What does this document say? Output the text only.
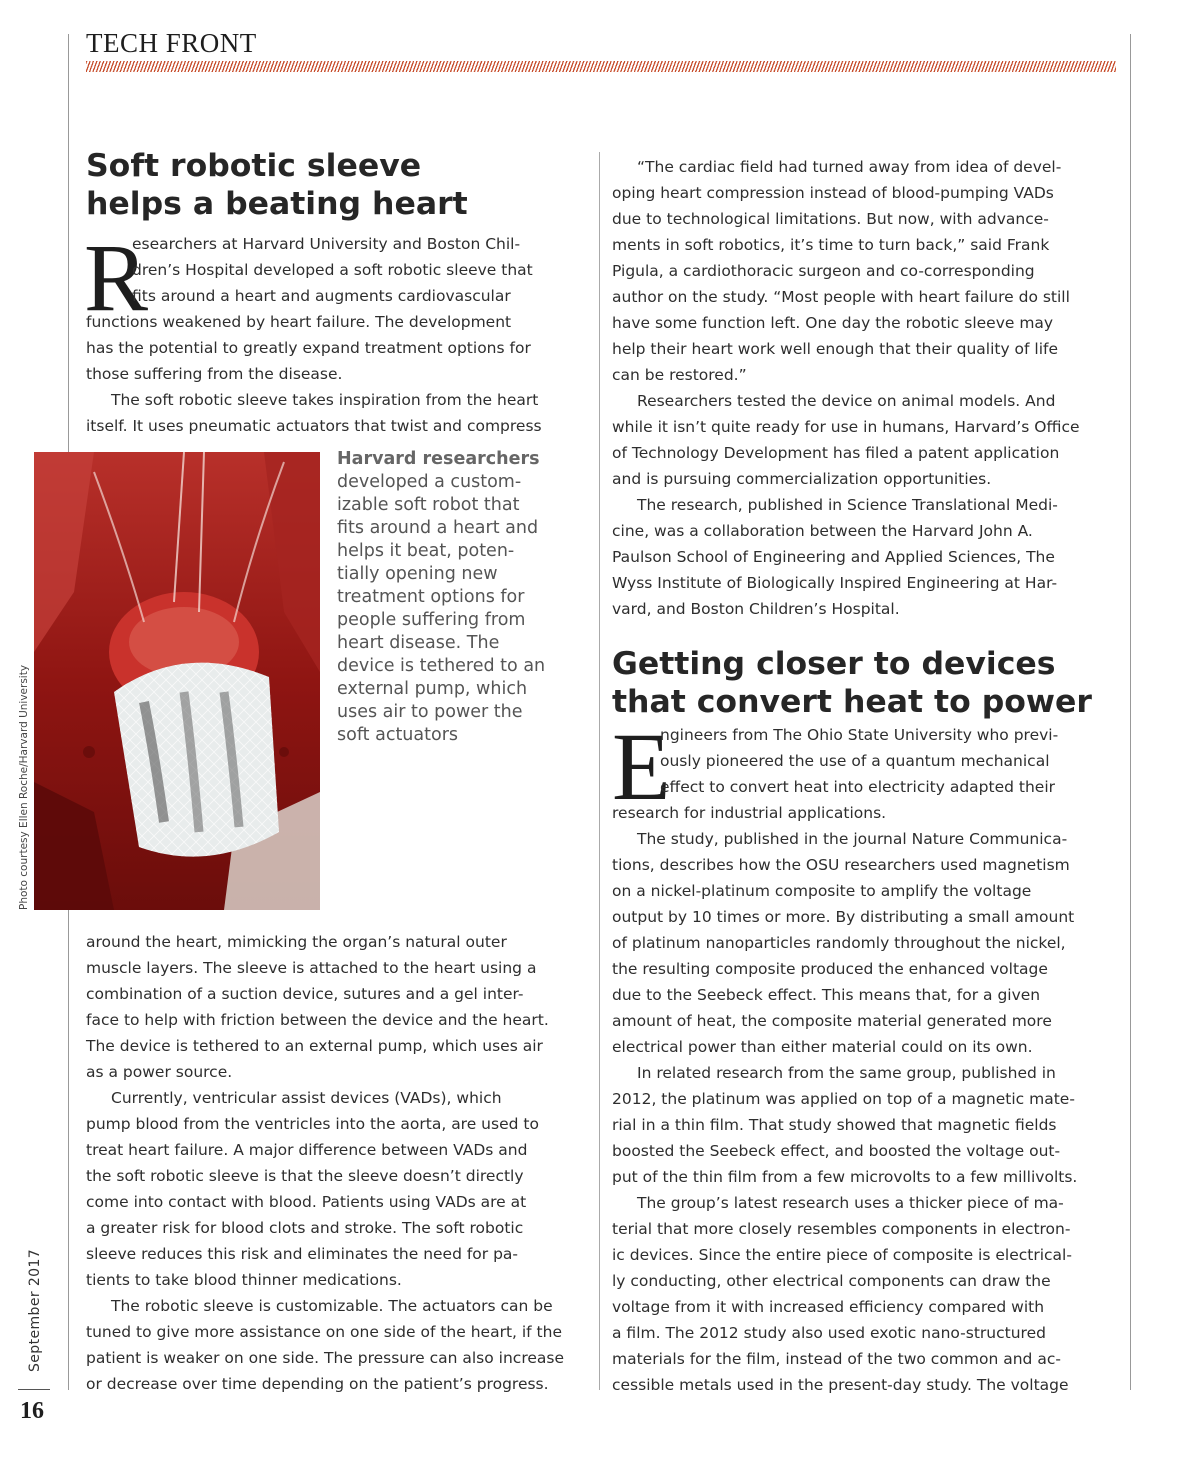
TECH FRONT
Soft robotic sleeve
helps a beating heart
R
esearchers at Harvard University and Boston Chil-
dren’s Hospital developed a soft robotic sleeve that
fits around a heart and augments cardiovascular
functions weakened by heart failure. The development
has the potential to greatly expand treatment options for
those suffering from the disease.
The soft robotic sleeve takes inspiration from the heart
itself. It uses pneumatic actuators that twist and compress
Harvard researchers
developed a custom-
izable soft robot that
fits around a heart and
helps it beat, poten-
tially opening new
treatment options for
people suffering from
heart disease. The
device is tethered to an
external pump, which
uses air to power the
soft actuators
Photo courtesy Ellen Roche/Harvard University
around the heart, mimicking the organ’s natural outer
muscle layers. The sleeve is attached to the heart using a
combination of a suction device, sutures and a gel inter-
face to help with friction between the device and the heart.
The device is tethered to an external pump, which uses air
as a power source.
Currently, ventricular assist devices (VADs), which
pump blood from the ventricles into the aorta, are used to
treat heart failure. A major difference between VADs and
the soft robotic sleeve is that the sleeve doesn’t directly
come into contact with blood. Patients using VADs are at
a greater risk for blood clots and stroke. The soft robotic
sleeve reduces this risk and eliminates the need for pa-
tients to take blood thinner medications.
The robotic sleeve is customizable. The actuators can be
tuned to give more assistance on one side of the heart, if the
patient is weaker on one side. The pressure can also increase
or decrease over time depending on the patient’s progress.
“The cardiac field had turned away from idea of devel-
oping heart compression instead of blood-pumping VADs
due to technological limitations. But now, with advance-
ments in soft robotics, it’s time to turn back,” said Frank
Pigula, a cardiothoracic surgeon and co-corresponding
author on the study. “Most people with heart failure do still
have some function left. One day the robotic sleeve may
help their heart work well enough that their quality of life
can be restored.”
Researchers tested the device on animal models. And
while it isn’t quite ready for use in humans, Harvard’s Office
of Technology Development has filed a patent application
and is pursuing commercialization opportunities.
The research, published in Science Translational Medi-
cine, was a collaboration between the Harvard John A.
Paulson School of Engineering and Applied Sciences, The
Wyss Institute of Biologically Inspired Engineering at Har-
vard, and Boston Children’s Hospital.
Getting closer to devices
that convert heat to power
E
ngineers from The Ohio State University who previ-
ously pioneered the use of a quantum mechanical
effect to convert heat into electricity adapted their
research for industrial applications.
The study, published in the journal Nature Communica-
tions, describes how the OSU researchers used magnetism
on a nickel-platinum composite to amplify the voltage
output by 10 times or more. By distributing a small amount
of platinum nanoparticles randomly throughout the nickel,
the resulting composite produced the enhanced voltage
due to the Seebeck effect. This means that, for a given
amount of heat, the composite material generated more
electrical power than either material could on its own.
In related research from the same group, published in
2012, the platinum was applied on top of a magnetic mate-
rial in a thin film. That study showed that magnetic fields
boosted the Seebeck effect, and boosted the voltage out-
put of the thin film from a few microvolts to a few millivolts.
The group’s latest research uses a thicker piece of ma-
terial that more closely resembles components in electron-
ic devices. Since the entire piece of composite is electrical-
ly conducting, other electrical components can draw the
voltage from it with increased efficiency compared with
a film. The 2012 study also used exotic nano-structured
materials for the film, instead of the two common and ac-
cessible metals used in the present-day study. The voltage
September 2017
16
